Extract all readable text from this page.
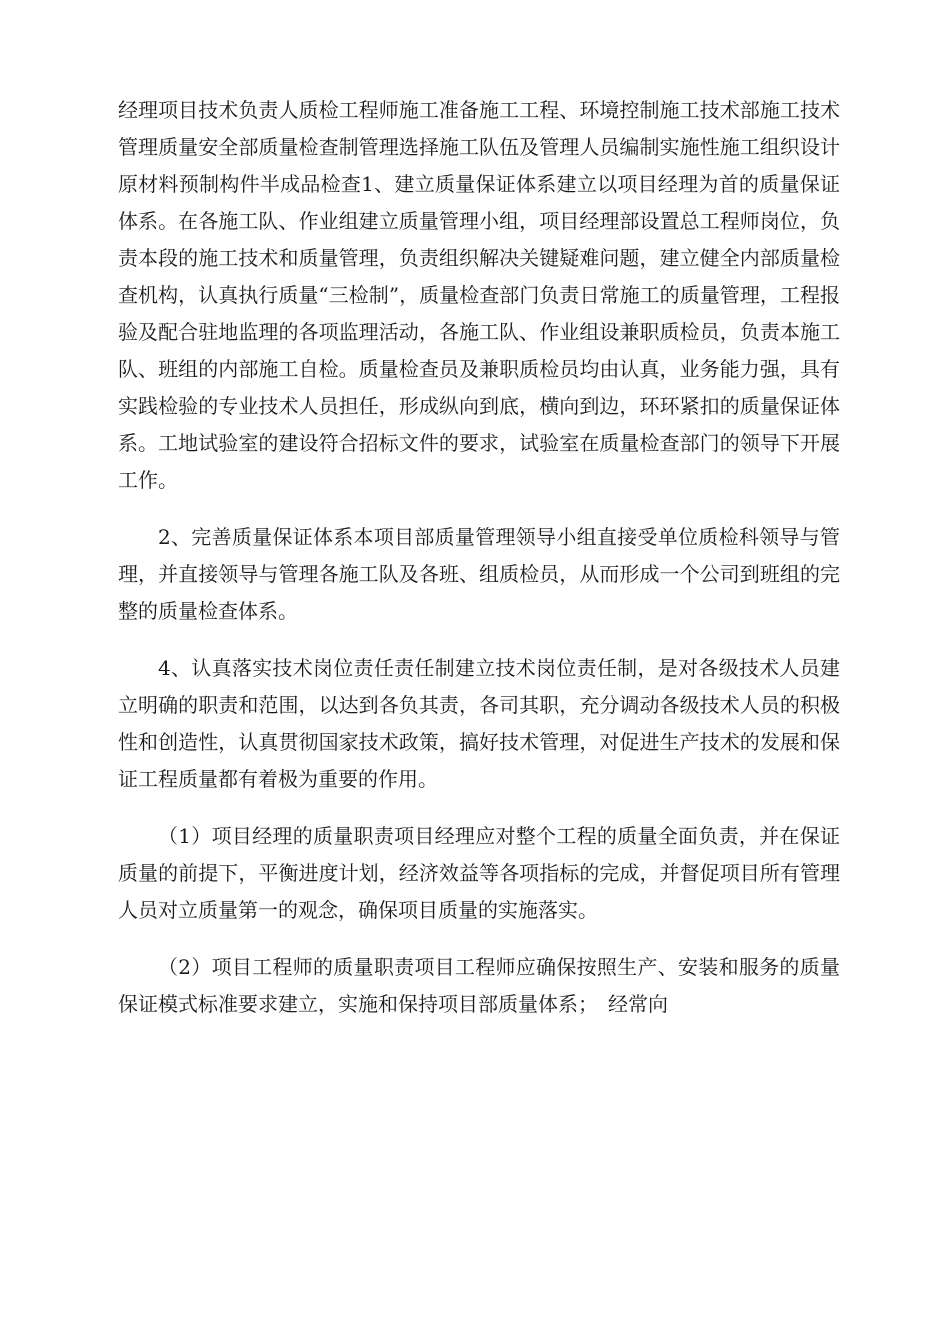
经理项目技术负责人质检工程师施工准备施工工程、环境控制施工技术部施工技术管理质量安全部质量检查制管理选择施工队伍及管理人员编制实施性施工组织设计原材料预制构件半成品检查1、建立质量保证体系建立以项目经理为首的质量保证体系。在各施工队、作业组建立质量管理小组，项目经理部设置总工程师岗位，负责本段的施工技术和质量管理，负责组织解决关键疑难问题，建立健全内部质量检查机构，认真执行质量“三检制”，质量检查部门负责日常施工的质量管理，工程报验及配合驻地监理的各项监理活动，各施工队、作业组设兼职质检员，负责本施工队、班组的内部施工自检。质量检查员及兼职质检员均由认真，业务能力强，具有实践检验的专业技术人员担任，形成纵向到底，横向到边，环环紧扣的质量保证体系。工地试验室的建设符合招标文件的要求，试验室在质量检查部门的领导下开展工作。

2、完善质量保证体系本项目部质量管理领导小组直接受单位质检科领导与管理，并直接领导与管理各施工队及各班、组质检员，从而形成一个公司到班组的完整的质量检查体系。

4、认真落实技术岗位责任责任制建立技术岗位责任制，是对各级技术人员建立明确的职责和范围，以达到各负其责，各司其职，充分调动各级技术人员的积极性和创造性，认真贯彻国家技术政策，搞好技术管理，对促进生产技术的发展和保证工程质量都有着极为重要的作用。

（1）项目经理的质量职责项目经理应对整个工程的质量全面负责，并在保证质量的前提下，平衡进度计划，经济效益等各项指标的完成，并督促项目所有管理人员对立质量第一的观念，确保项目质量的实施落实。

（2）项目工程师的质量职责项目工程师应确保按照生产、安装和服务的质量保证模式标准要求建立，实施和保持项目部质量体系；　经常向
